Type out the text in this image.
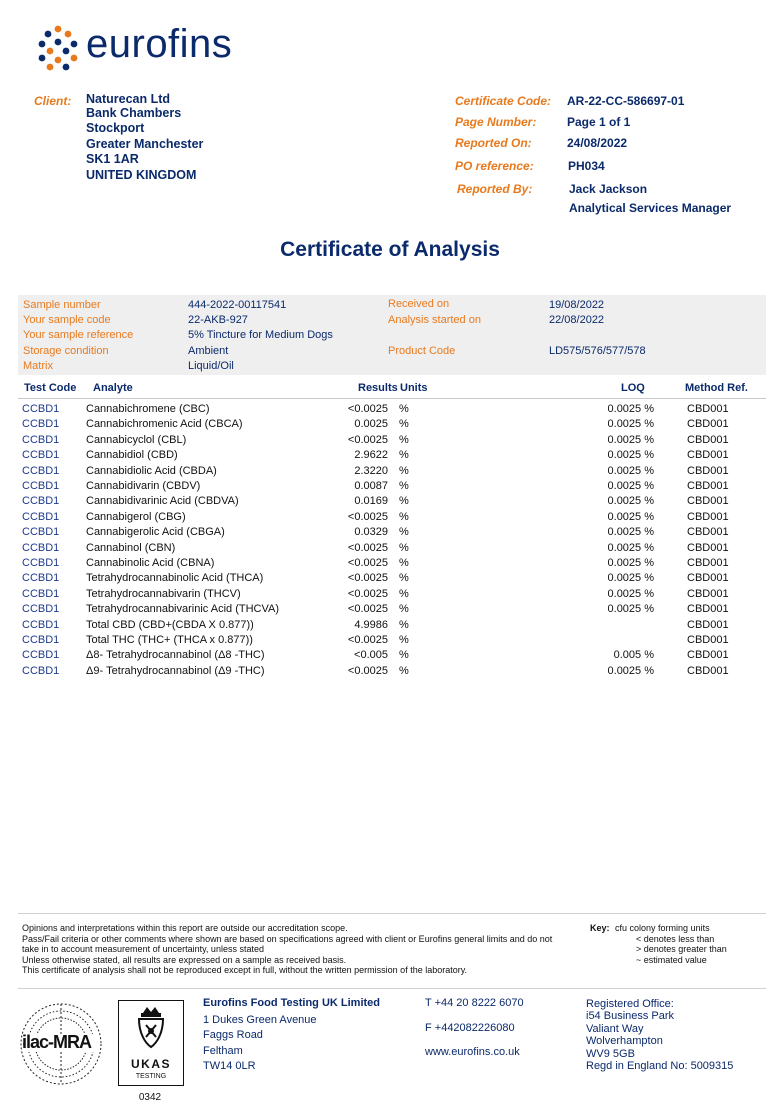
eurofins
Client: Naturecan Ltd
Bank Chambers
Stockport
Greater Manchester
SK1 1AR
UNITED KINGDOM
Certificate Code: AR-22-CC-586697-01
Page Number:	Page 1 of 1
Reported On:	24/08/2022
PO reference:	PH034
Reported By:	Jack Jackson
Analytical Services Manager
Certificate of Analysis
Sample number	444-2022-00117541
Your sample code	22-AKB-927
Your sample reference	5% Tincture for Medium Dogs
Storage condition	Ambient
Matrix	Liquid/Oil
Received on	19/08/2022
Analysis started on	22/08/2022
Product Code	LD575/576/577/578
Test Code Analyte	Results Units	LOQ	Method Ref.
CCBD1 Cannabichromene (CBC)	<0.0025 %	0.0025 %	CBD001
CCBD1 Cannabichromenic Acid (CBCA)	0.0025 %	0.0025 %	CBD001
CCBD1 Cannabicyclol (CBL)	<0.0025 %	0.0025 %	CBD001
CCBD1 Cannabidiol (CBD)	2.9622 %	0.0025 %	CBD001
CCBD1 Cannabidiolic Acid (CBDA)	2.3220 %	0.0025 %	CBD001
CCBD1 Cannabidivarin (CBDV)	0.0087 %	0.0025 %	CBD001
CCBD1 Cannabidivarinic Acid (CBDVA)	0.0169 %	0.0025 %	CBD001
CCBD1 Cannabigerol (CBG)	<0.0025 %	0.0025 %	CBD001
CCBD1 Cannabigerolic Acid (CBGA)	0.0329 %	0.0025 %	CBD001
CCBD1 Cannabinol (CBN)	<0.0025 %	0.0025 %	CBD001
CCBD1 Cannabinolic Acid (CBNA)	<0.0025 %	0.0025 %	CBD001
CCBD1 Tetrahydrocannabinolic Acid (THCA)	<0.0025 %	0.0025 %	CBD001
CCBD1 Tetrahydrocannabivarin (THCV)	<0.0025 %	0.0025 %	CBD001
CCBD1 Tetrahydrocannabivarinic Acid (THCVA)	<0.0025 %	0.0025 %	CBD001
CCBD1 Total CBD (CBD+(CBDA X 0.877))	4.9986 %	CBD001
CCBD1 Total THC (THC+ (THCA x 0.877))	<0.0025 %	CBD001
CCBD1 Δ8- Tetrahydrocannabinol (Δ8 -THC)	<0.005 %	0.005 %	CBD001
CCBD1 Δ9- Tetrahydrocannabinol (Δ9 -THC)	<0.0025 %	0.0025 %	CBD001
Opinions and interpretations within this report are outside our accreditation scope.
Pass/Fail criteria or other comments where shown are based on specifications agreed with client or Eurofins general limits and do not
take in to account measurement of uncertainty, unless stated
Unless otherwise stated, all results are expressed on a sample as received basis.
This certificate of analysis shall not be reproduced except in full, without the written permission of the laboratory.
Key: cfu colony forming units
< denotes less than
> denotes greater than
~ estimated value
ilac-MRA
UKAS
TESTING
0342
Eurofins Food Testing UK Limited
1 Dukes Green Avenue
Faggs Road
Feltham
TW14 0LR
T +44 20 8222 6070
F +442082226080
www.eurofins.co.uk
Registered Office:
i54 Business Park
Valiant Way
Wolverhampton
WV9 5GB
Regd in England No: 5009315
